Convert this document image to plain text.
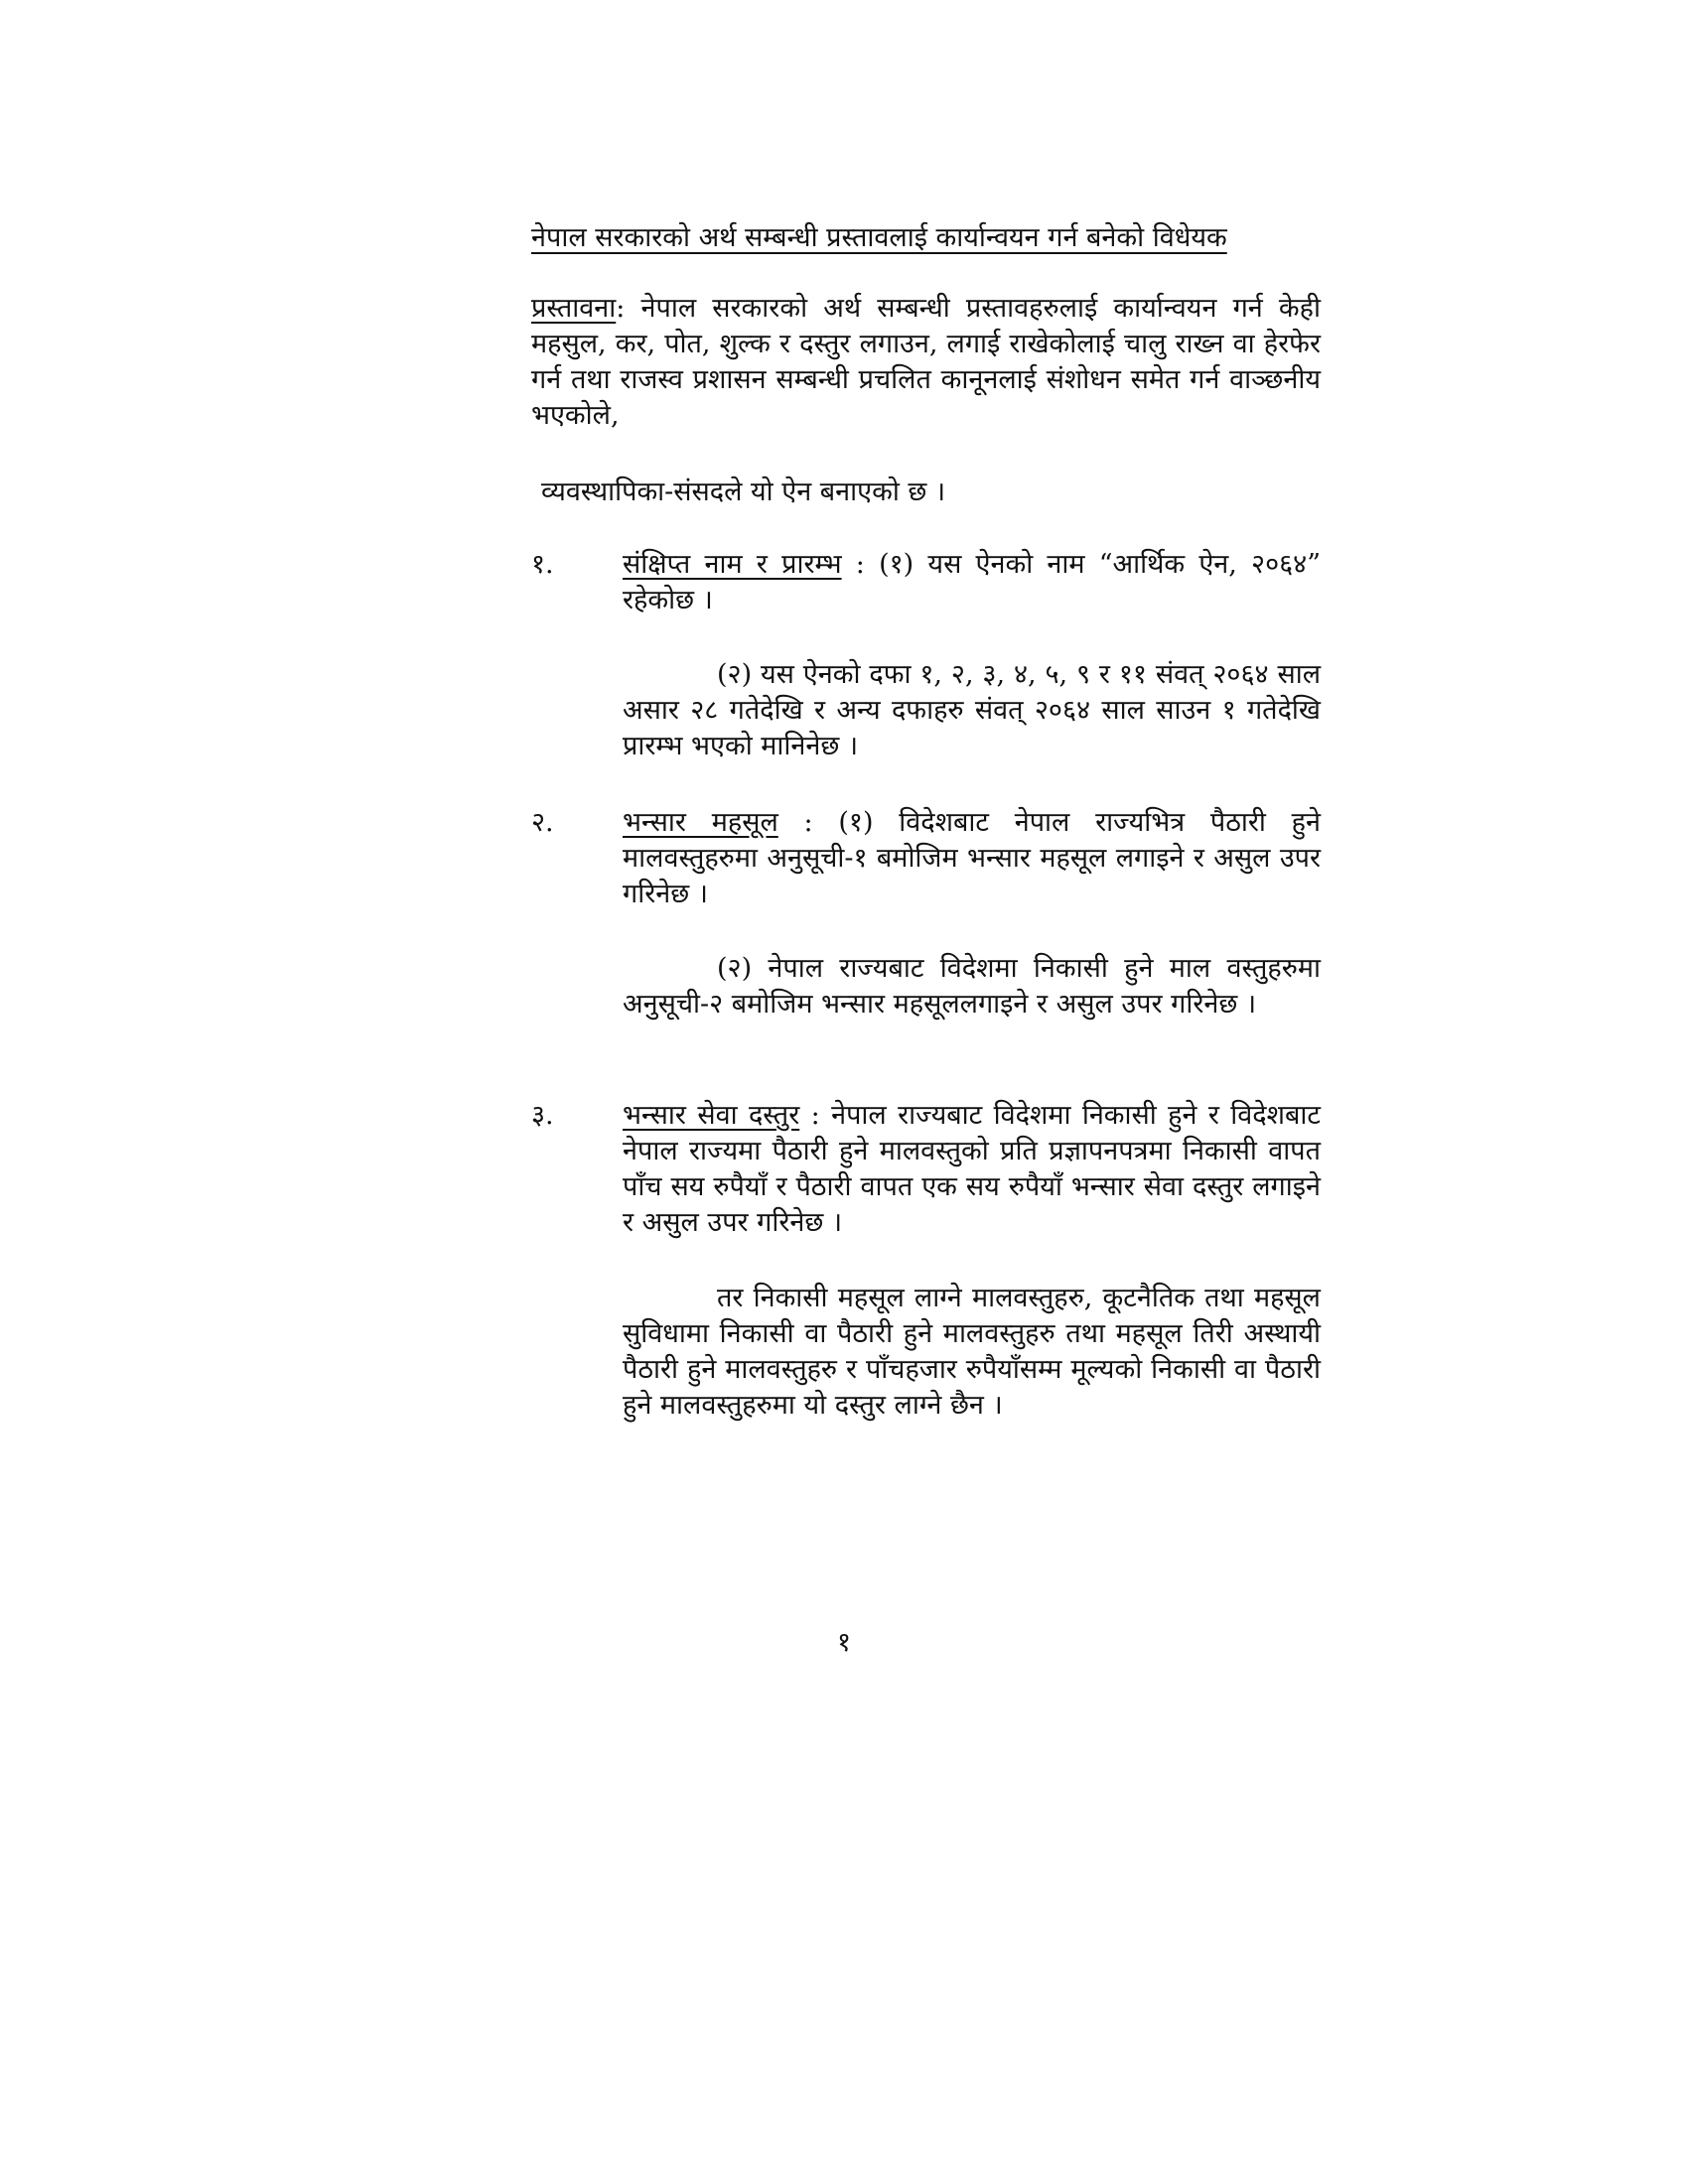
नेपाल सरकारको अर्थ सम्बन्धी प्रस्तावलाई कार्यान्वयन गर्न बनेको विधेयक
प्रस्तावना: नेपाल सरकारको अर्थ सम्बन्धी प्रस्तावहरुलाई कार्यान्वयन गर्न केही महसुल, कर, पोत, शुल्क र दस्तुर लगाउन, लगाई राखेकोलाई चालु राख्न वा हेरफेर गर्न तथा राजस्व प्रशासन सम्बन्धी प्रचलित कानूनलाई संशोधन समेत गर्न वाञ्छनीय भएकोले,
व्यवस्थापिका-संसदले यो ऐन बनाएको छ ।
१.	संक्षिप्त नाम र प्रारम्भ : (१) यस ऐनको नाम “आर्थिक ऐन, २०६४” रहेकोछ ।
(२) यस ऐनको दफा १, २, ३, ४, ५, ९ र ११ संवत् २०६४ साल असार २८ गतेदेखि र अन्य दफाहरु संवत् २०६४ साल साउन १ गतेदेखि प्रारम्भ भएको मानिनेछ ।
२.	भन्सार महसूल : (१) विदेशबाट नेपाल राज्यभित्र पैठारी हुने मालवस्तुहरुमा अनुसूची-१ बमोजिम भन्सार महसूल लगाइने र असुल उपर गरिनेछ ।
(२) नेपाल राज्यबाट विदेशमा निकासी हुने माल वस्तुहरुमा अनुसूची-२ बमोजिम भन्सार महसूललगाइने र असुल उपर गरिनेछ ।
३.	भन्सार सेवा दस्तुर : नेपाल राज्यबाट विदेशमा निकासी हुने र विदेशबाट नेपाल राज्यमा पैठारी हुने मालवस्तुको प्रति प्रज्ञापनपत्रमा निकासी वापत पाँच सय रुपैयाँ र पैठारी वापत एक सय रुपैयाँ भन्सार सेवा दस्तुर लगाइने र असुल उपर गरिनेछ ।
तर निकासी महसूल लाग्ने मालवस्तुहरु, कूटनैतिक तथा महसूल सुविधामा निकासी वा पैठारी हुने मालवस्तुहरु तथा महसूल तिरी अस्थायी पैठारी हुने मालवस्तुहरु र पाँचहजार रुपैयाँसम्म मूल्यको निकासी वा पैठारी हुने मालवस्तुहरुमा यो दस्तुर लाग्ने छैन ।
१
